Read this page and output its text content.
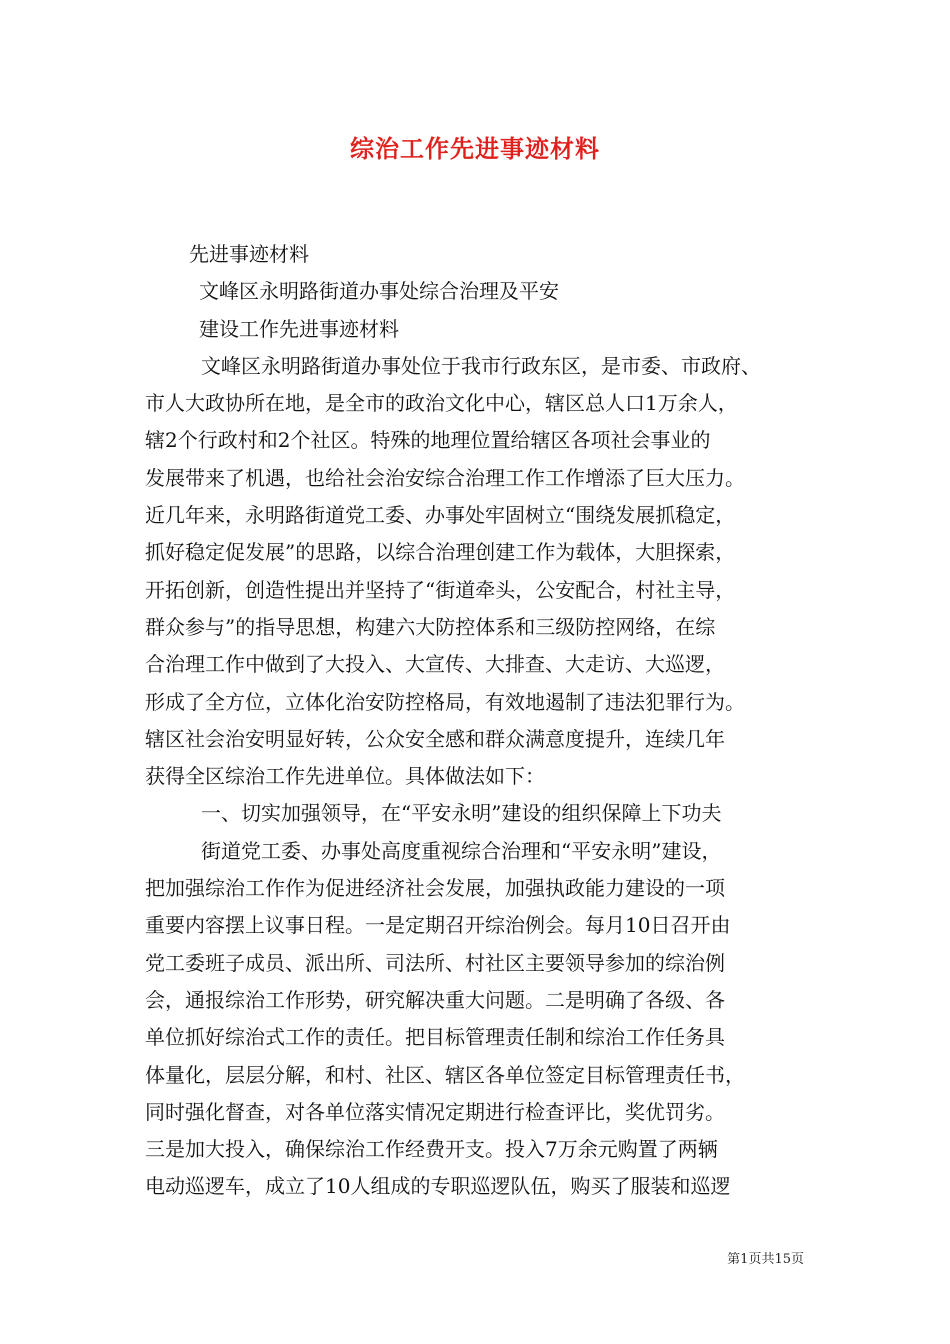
综治工作先进事迹材料
先进事迹材料
文峰区永明路街道办事处综合治理及平安
建设工作先进事迹材料
文峰区永明路街道办事处位于我市行政东区，是市委、市政府、
市人大政协所在地，是全市的政治文化中心，辖区总人口1万余人，
辖2个行政村和2个社区。特殊的地理位置给辖区各项社会事业的
发展带来了机遇，也给社会治安综合治理工作工作增添了巨大压力。
近几年来，永明路街道党工委、办事处牢固树立“围绕发展抓稳定，
抓好稳定促发展”的思路，以综合治理创建工作为载体，大胆探索，
开拓创新，创造性提出并坚持了“街道牵头，公安配合，村社主导，
群众参与”的指导思想，构建六大防控体系和三级防控网络，在综
合治理工作中做到了大投入、大宣传、大排查、大走访、大巡逻，
形成了全方位，立体化治安防控格局，有效地遏制了违法犯罪行为。
辖区社会治安明显好转，公众安全感和群众满意度提升，连续几年
获得全区综治工作先进单位。具体做法如下：
一、切实加强领导，在“平安永明”建设的组织保障上下功夫
街道党工委、办事处高度重视综合治理和“平安永明”建设，
把加强综治工作作为促进经济社会发展，加强执政能力建设的一项
重要内容摆上议事日程。一是定期召开综治例会。每月10日召开由
党工委班子成员、派出所、司法所、村社区主要领导参加的综治例
会，通报综治工作形势，研究解决重大问题。二是明确了各级、各
单位抓好综治式工作的责任。把目标管理责任制和综治工作任务具
体量化，层层分解，和村、社区、辖区各单位签定目标管理责任书，
同时强化督查，对各单位落实情况定期进行检查评比，奖优罚劣。
三是加大投入，确保综治工作经费开支。投入7万余元购置了两辆
电动巡逻车，成立了10人组成的专职巡逻队伍，购买了服装和巡逻
第1页共15页
